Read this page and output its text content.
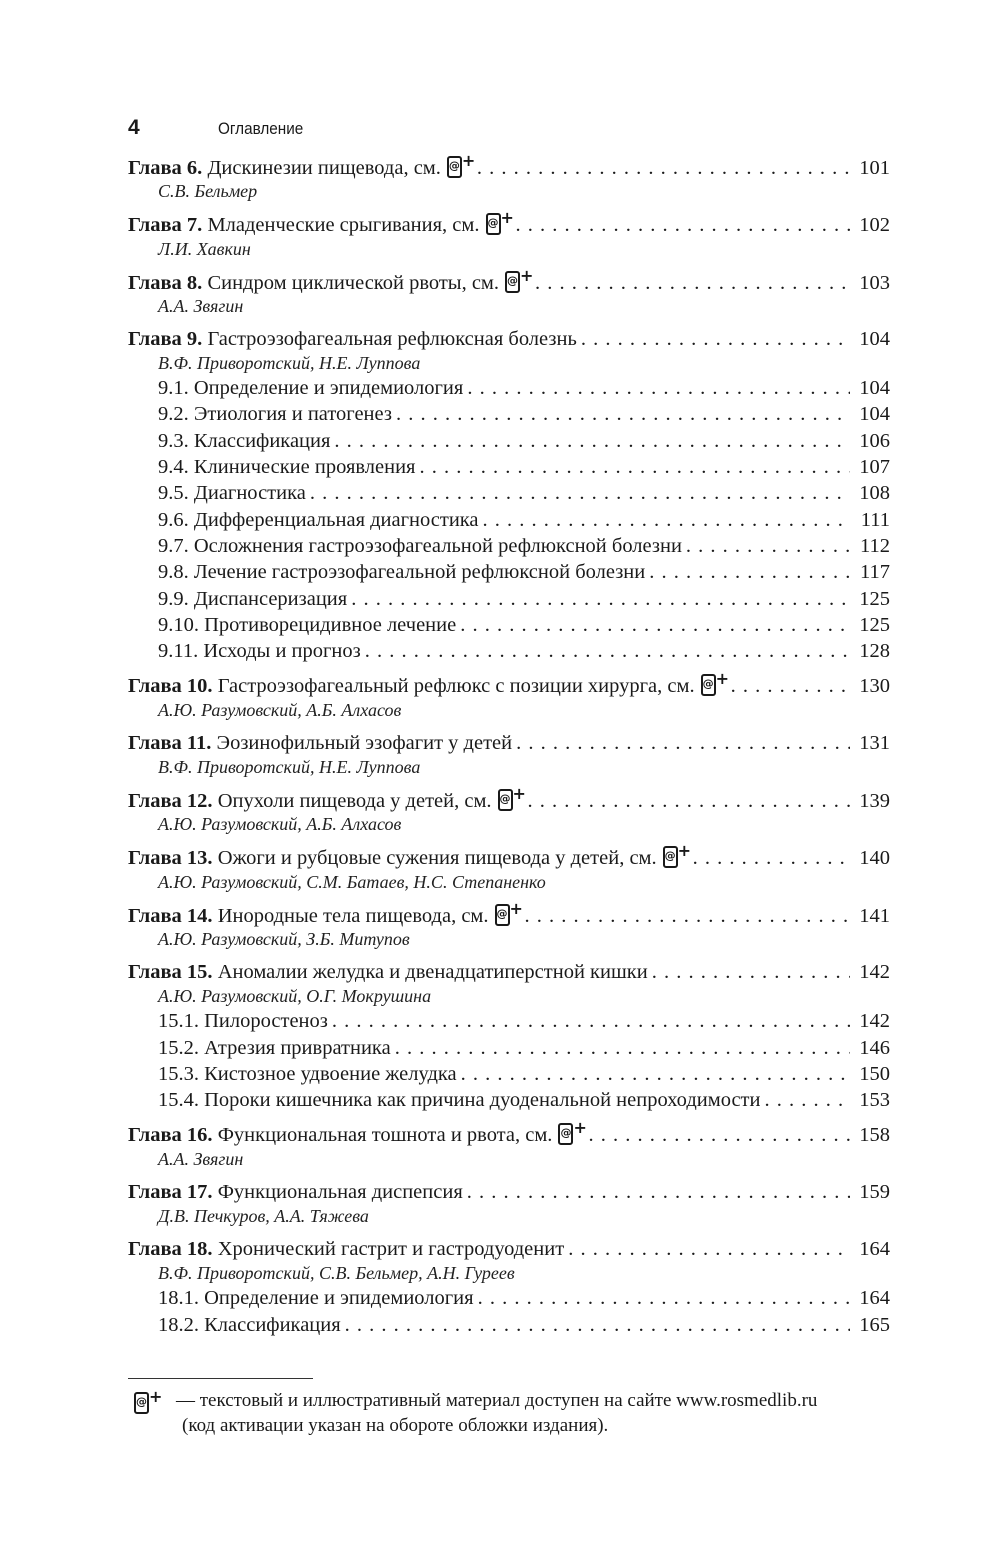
4	Оглавление
Глава 6. Дискинезии пищевода, см. @ + . . .	101
С.В. Бельмер
Глава 7. Младенческие срыгивания, см. @ + . . .	102
Л.И. Хавкин
Глава 8. Синдром циклической рвоты, см. @ + . . .	103
А.А. Звягин
Глава 9. Гастроэзофагеальная рефлюксная болезнь . . .	104
В.Ф. Приворотский, Н.Е. Луппова
9.1. Определение и эпидемиология . . .	104
9.2. Этиология и патогенез . . .	104
9.3. Классификация . . .	106
9.4. Клинические проявления . . .	107
9.5. Диагностика . . .	108
9.6. Дифференциальная диагностика . . .	111
9.7. Осложнения гастроэзофагеальной рефлюксной болезни . . .	112
9.8. Лечение гастроэзофагеальной рефлюксной болезни . . .	117
9.9. Диспансеризация . . .	125
9.10. Противорецидивное лечение . . .	125
9.11. Исходы и прогноз . . .	128
Глава 10. Гастроэзофагеальный рефлюкс с позиции хирурга, см. @ + . . .	130
А.Ю. Разумовский, А.Б. Алхасов
Глава 11. Эозинофильный эзофагит у детей . . .	131
В.Ф. Приворотский, Н.Е. Луппова
Глава 12. Опухоли пищевода у детей, см. @ + . . .	139
А.Ю. Разумовский, А.Б. Алхасов
Глава 13. Ожоги и рубцовые сужения пищевода у детей, см. @ + . . .	140
А.Ю. Разумовский, С.М. Батаев, Н.С. Степаненко
Глава 14. Инородные тела пищевода, см. @ + . . .	141
А.Ю. Разумовский, З.Б. Митупов
Глава 15. Аномалии желудка и двенадцатиперстной кишки . . .	142
А.Ю. Разумовский, О.Г. Мокрушина
15.1. Пилоростеноз . . .	142
15.2. Атрезия привратника . . .	146
15.3. Кистозное удвоение желудка . . .	150
15.4. Пороки кишечника как причина дуоденальной непроходимости . . .	153
Глава 16. Функциональная тошнота и рвота, см. @ + . . .	158
А.А. Звягин
Глава 17. Функциональная диспепсия . . .	159
Д.В. Печкуров, А.А. Тяжева
Глава 18. Хронический гастрит и гастродуоденит . . .	164
В.Ф. Приворотский, С.В. Бельмер, А.Н. Гуреев
18.1. Определение и эпидемиология . . .	164
18.2. Классификация . . .	165
@ + — текстовый и иллюстративный материал доступен на сайте www.rosmedlib.ru
(код активации указан на обороте обложки издания).
